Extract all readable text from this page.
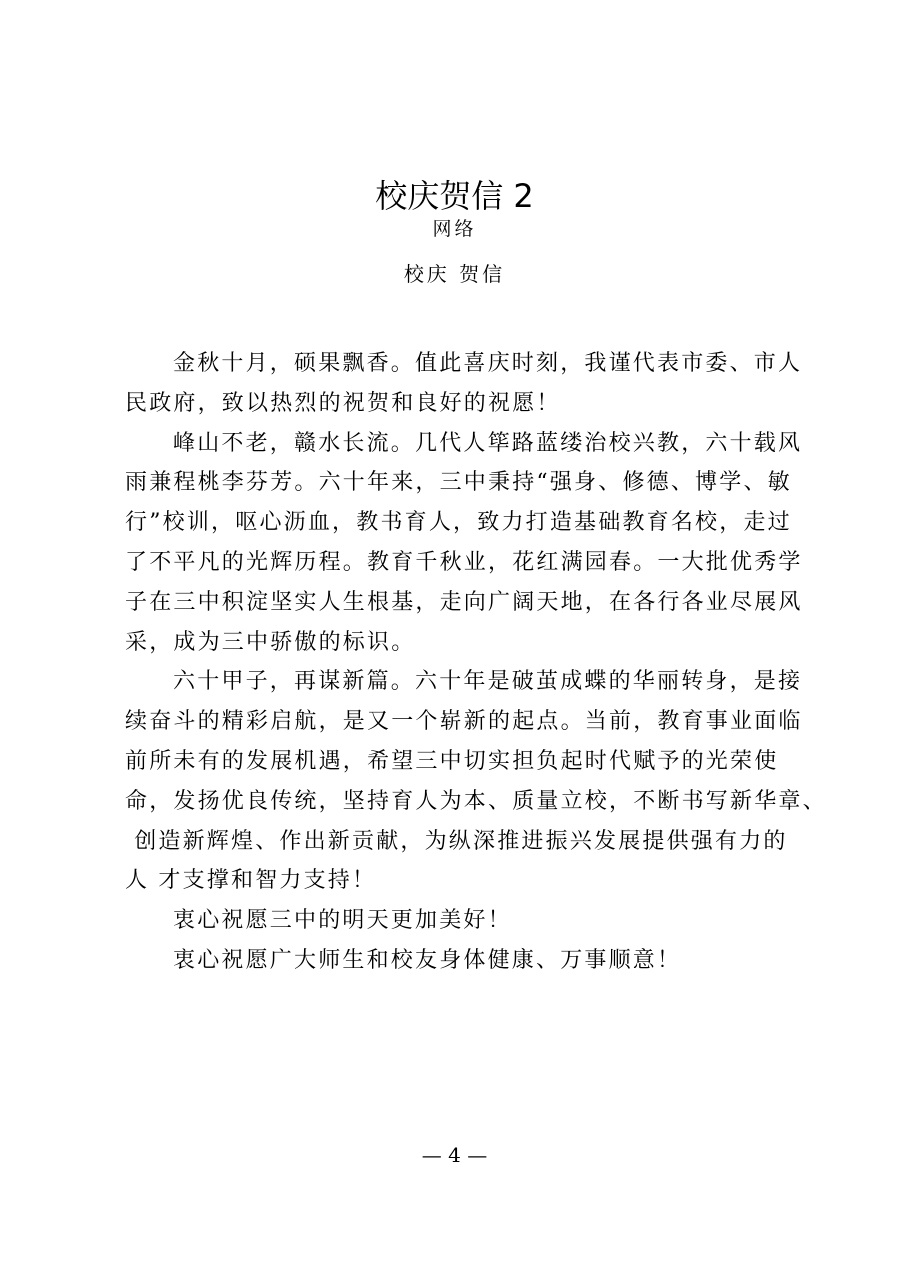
校庆贺信 2
网络
校庆 贺信
金秋十月，硕果飘香。值此喜庆时刻，我谨代表市委、市人
民政府，致以热烈的祝贺和良好的祝愿！
峰山不老，赣水长流。几代人筚路蓝缕治校兴教，六十载风
雨兼程桃李芬芳。六十年来，三中秉持“强身、修德、博学、敏
行”校训，呕心沥血，教书育人，致力打造基础教育名校，走过
了不平凡的光辉历程。教育千秋业，花红满园春。一大批优秀学
子在三中积淀坚实人生根基，走向广阔天地，在各行各业尽展风
采，成为三中骄傲的标识。
六十甲子，再谋新篇。六十年是破茧成蝶的华丽转身，是接
续奋斗的精彩启航，是又一个崭新的起点。当前，教育事业面临
前所未有的发展机遇，希望三中切实担负起时代赋予的光荣使
命，发扬优良传统，坚持育人为本、质量立校，不断书写新华章、
创造新辉煌、作出新贡献，为纵深推进振兴发展提供强有力的
人 才支撑和智力支持！
衷心祝愿三中的明天更加美好！
衷心祝愿广大师生和校友身体健康、万事顺意！
— 4 —
